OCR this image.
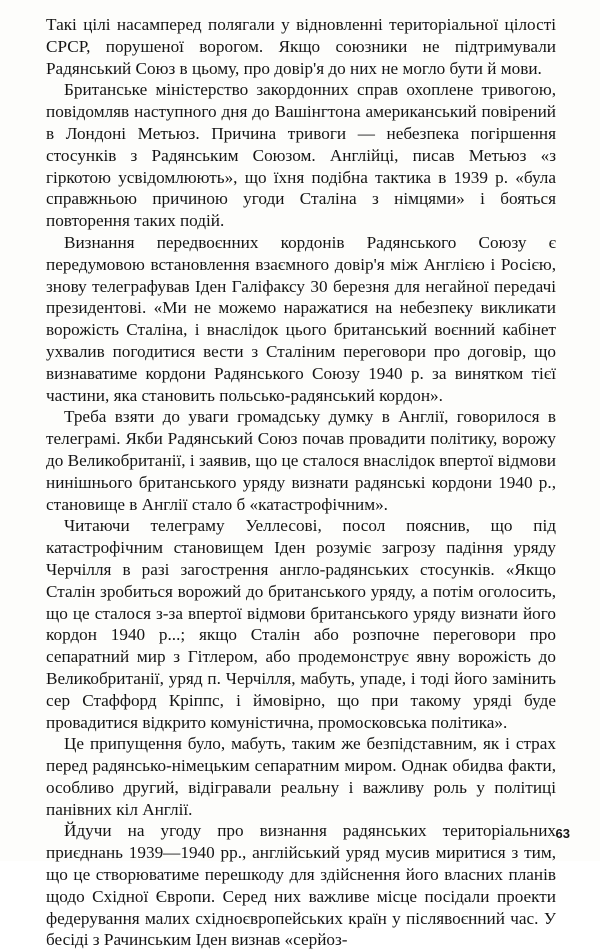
Такі цілі насамперед полягали у відновленні територіальної цілості СРСР, порушеної ворогом. Якщо союзники не підтримували Радянський Союз в цьому, про довір'я до них не могло бути й мови.

Британське міністерство закордонних справ охоплене тривогою, повідомляв наступного дня до Вашінгтона американський повірений в Лондоні Метьюз. Причина тривоги — небезпека погіршення стосунків з Радянським Союзом. Англійці, писав Метьюз «з гіркотою усвідомлюють», що їхня подібна тактика в 1939 р. «була справжньою причиною угоди Сталіна з німцями» і бояться повторення таких подій.

Визнання передвоєнних кордонів Радянського Союзу є передумовою встановлення взаємного довір'я між Англією і Росією, знову телеграфував Іден Галіфаксу 30 березня для негайної передачі президентові. «Ми не можемо наражатися на небезпеку викликати ворожість Сталіна, і внаслідок цього британський воєнний кабінет ухвалив погодитися вести з Сталіним переговори про договір, що визнаватиме кордони Радянського Союзу 1940 р. за винятком тієї частини, яка становить польсько-радянський кордон».

Треба взяти до уваги громадську думку в Англії, говорилося в телеграмі. Якби Радянський Союз почав провадити політику, ворожу до Великобританії, і заявив, що це сталося внаслідок впертої відмови нинішнього британського уряду визнати радянські кордони 1940 р., становище в Англії стало б «катастрофічним».

Читаючи телеграму Уеллесові, посол пояснив, що під катастрофічним становищем Іден розуміє загрозу падіння уряду Черчілля в разі загострення англо-радянських стосунків. «Якщо Сталін зробиться ворожий до британського уряду, а потім оголосить, що це сталося з-за впертої відмови британського уряду визнати його кордон 1940 р...; якщо Сталін або розпочне переговори про сепаратний мир з Гітлером, або продемонструє явну ворожість до Великобританії, уряд п. Черчілля, мабуть, упаде, і тоді його замінить сер Стаффорд Кріппс, і ймовірно, що при такому уряді буде провадитися відкрито комуністична, промосковська політика».

Це припущення було, мабуть, таким же безпідставним, як і страх перед радянсько-німецьким сепаратним миром. Однак обидва факти, особливо другий, відігравали реальну і важливу роль у політиці панівних кіл Англії.

Йдучи на угоду про визнання радянських територіальних приєднань 1939—1940 рр., англійський уряд мусив миритися з тим, що це створюватиме перешкоду для здійснення його власних планів щодо Східної Європи. Серед них важливе місце посідали проекти федерування малих східноєвропейських країн у післявоєнний час. У бесіді з Рачинським Іден визнав «серйоз-

63
